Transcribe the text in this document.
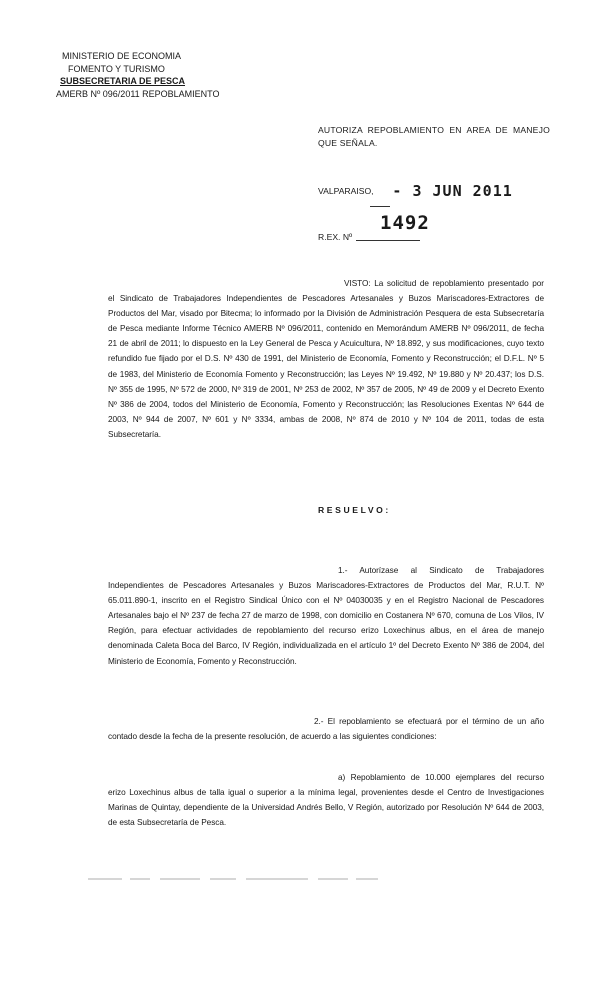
MINISTERIO DE ECONOMIA
FOMENTO Y TURISMO
SUBSECRETARIA DE PESCA
AMERB Nº 096/2011 REPOBLAMIENTO
AUTORIZA REPOBLAMIENTO EN AREA DE MANEJO QUE SEÑALA.
VALPARAISO, - 3 JUN 2011
1492
R.EX. Nº
VISTO: La solicitud de repoblamiento presentado por el Sindicato de Trabajadores Independientes de Pescadores Artesanales y Buzos Mariscadores-Extractores de Productos del Mar, visado por Bitecma; lo informado por la División de Administración Pesquera de esta Subsecretaría de Pesca mediante Informe Técnico AMERB Nº 096/2011, contenido en Memorándum AMERB Nº 096/2011, de fecha 21 de abril de 2011; lo dispuesto en la Ley General de Pesca y Acuicultura, Nº 18.892, y sus modificaciones, cuyo texto refundido fue fijado por el D.S. Nº 430 de 1991, del Ministerio de Economía, Fomento y Reconstrucción; el D.F.L. Nº 5 de 1983, del Ministerio de Economía Fomento y Reconstrucción; las Leyes Nº 19.492, Nº 19.880 y Nº 20.437; los D.S. Nº 355 de 1995, Nº 572 de 2000, Nº 319 de 2001, Nº 253 de 2002, Nº 357 de 2005, Nº 49 de 2009 y el Decreto Exento Nº 386 de 2004, todos del Ministerio de Economía, Fomento y Reconstrucción; las Resoluciones Exentas Nº 644 de 2003, Nº 944 de 2007, Nº 601 y Nº 3334, ambas de 2008, Nº 874 de 2010 y Nº 104 de 2011, todas de esta Subsecretaría.
RESUELVO:
1.- Autorízase al Sindicato de Trabajadores Independientes de Pescadores Artesanales y Buzos Mariscadores-Extractores de Productos del Mar, R.U.T. Nº 65.011.890-1, inscrito en el Registro Sindical Único con el Nº 04030035 y en el Registro Nacional de Pescadores Artesanales bajo el Nº 237 de fecha 27 de marzo de 1998, con domicilio en Costanera Nº 670, comuna de Los Vilos, IV Región, para efectuar actividades de repoblamiento del recurso erizo Loxechinus albus, en el área de manejo denominada Caleta Boca del Barco, IV Región, individualizada en el artículo 1º del Decreto Exento Nº 386 de 2004, del Ministerio de Economía, Fomento y Reconstrucción.
2.- El repoblamiento se efectuará por el término de un año contado desde la fecha de la presente resolución, de acuerdo a las siguientes condiciones:
a) Repoblamiento de 10.000 ejemplares del recurso erizo Loxechinus albus de talla igual o superior a la mínima legal, provenientes desde el Centro de Investigaciones Marinas de Quintay, dependiente de la Universidad Andrés Bello, V Región, autorizado por Resolución Nº 644 de 2003, de esta Subsecretaría de Pesca.
